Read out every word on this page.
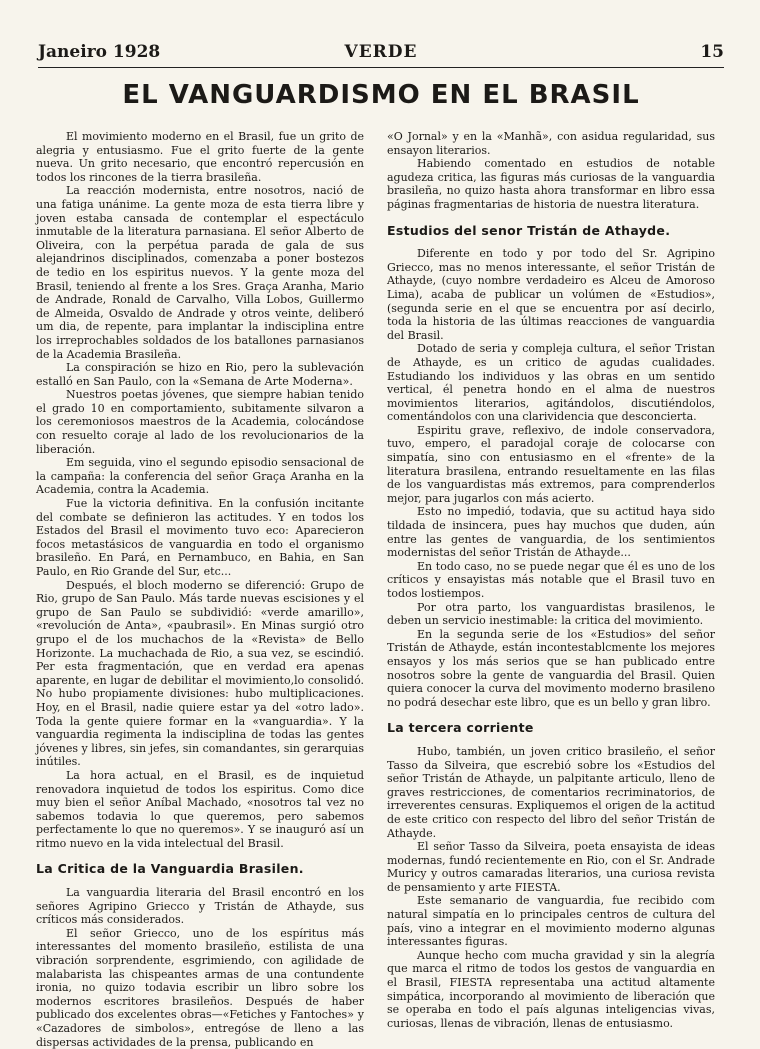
Janeiro 1928	VERDE	15
EL VANGUARDISMO EN EL BRASIL

El movimiento moderno en el Brasil, fue un grito de alegria y entusiasmo. Fue el grito fuerte de la gente nueva. Un grito necesario, que encontró repercusión en todos los rincones de la tierra brasileña.

La reacción modernista, entre nosotros, nació de una fatiga unánime. La gente moza de esta tierra libre y joven estaba cansada de contemplar el espectáculo inmutable de la literatura parnasiana. El señor Alberto de Oliveira, con la perpétua parada de gala de sus alejandrinos disciplinados, comenzaba a poner bostezos de tedio en los espiritus nuevos. Y la gente moza del Brasil, teniendo al frente a los Sres. Graça Aranha, Mario de Andrade, Ronald de Carvalho, Villa Lobos, Guillermo de Almeida, Osvaldo de Andrade y otros veinte, deliberó um dia, de repente, para implantar la indisciplina entre los irreprochables soldados de los batallones parnasianos de la Academia Brasileña.

La conspiración se hizo en Rio, pero la sublevación estalló en San Paulo, con la «Semana de Arte Moderna».

Nuestros poetas jóvenes, que siempre habian tenido el grado 10 en comportamiento, subitamente silvaron a los ceremoniosos maestros de la Academia, colocándose con resuelto coraje al lado de los revolucionarios de la liberación.

Em seguida, vino el segundo episodio sensacional de la campaña: la conferencia del señor Graça Aranha en la Academia, contra la Academia.

Fue la victoria definitiva. En la confusión incitante del combate se definieron las actitudes. Y en todos los Estados del Brasil el movimento tuvo eco: Aparecieron focos metastásicos de vanguardia en todo el organismo brasileño. En Pará, en Pernambuco, en Bahia, en San Paulo, en Rio Grande del Sur, etc...

Después, el bloch moderno se diferenció: Grupo de Rio, grupo de San Paulo. Más tarde nuevas escisiones y el grupo de San Paulo se subdividió: «verde amarillo», «revolución de Anta», «paubrasil». En Minas surgió otro grupo el de los muchachos de la «Revista» de Bello Horizonte. La muchachada de Rio, a sua vez, se escindió. Per esta fragmentación, que en verdad era apenas aparente, en lugar de debilitar el movimiento,lo consolidó. No hubo propiamente divisiones: hubo multiplicaciones. Hoy, en el Brasil, nadie quiere estar ya del «otro lado». Toda la gente quiere formar en la «vanguardia». Y la vanguardia regimenta la indisciplina de todas las gentes jóvenes y libres, sin jefes, sin comandantes, sin gerarquias inútiles.

La hora actual, en el Brasil, es de inquietud renovadora inquietud de todos los espiritus. Como dice muy bien el señor Aníbal Machado, «nosotros tal vez no sabemos todavia lo que queremos, pero sabemos perfectamente lo que no queremos». Y se inauguró así un ritmo nuevo en la vida intelectual del Brasil.

La Critica de la Vanguardia Brasilen.

La vanguardia literaria del Brasil encontró en los señores Agripino Griecco y Tristán de Athayde, sus críticos más considerados.

El señor Griecco, uno de los espíritus más interessantes del momento brasileño, estilista de una vibración sorprendente, esgrimiendo, con agilidade de malabarista las chispeantes armas de una contundente ironia, no quizo todavia escribir un libro sobre los modernos escritores brasileños. Después de haber publicado dos excelentes obras—«Fetiches y Fantoches» y «Cazadores de simbolos», entregóse de lleno a las dispersas actividades de la prensa, publicando en

«O Jornal» y en la «Manhã», con asidua regularidad, sus ensayon literarios.

Habiendo comentado en estudios de notable agudeza critica, las figuras más curiosas de la vanguardia brasileña, no quizo hasta ahora transformar en libro essa páginas fragmentarias de historia de nuestra literatura.

Estudios del senor Tristán de Athayde.

Diferente en todo y por todo del Sr. Agripino Griecco, mas no menos interessante, el señor Tristán de Athayde, (cuyo nombre verdadeiro es Alceu de Amoroso Lima), acaba de publicar un volúmen de «Estudios», (segunda serie en el que se encuentra por así decirlo, toda la historia de las últimas reacciones de vanguardia del Brasil.

Dotado de seria y compleja cultura, el señor Tristan de Athayde, es un critico de agudas cualidades. Estudiando los individuos y las obras en um sentido vertical, él penetra hondo en el alma de nuestros movimientos literarios, agitándolos, discutiéndolos, comentándolos con una clarividencia que desconcierta.

Espiritu grave, reflexivo, de indole conservadora, tuvo, empero, el paradojal coraje de colocarse con simpatía, sino con entusiasmo en el «frente» de la literatura brasilena, entrando resueltamente en las filas de los vanguardistas más extremos, para comprenderlos mejor, para jugarlos con más acierto.

Esto no impedió, todavia, que su actitud haya sido tildada de insincera, pues hay muchos que duden, aún entre las gentes de vanguardia, de los sentimientos modernistas del señor Tristán de Athayde...

En todo caso, no se puede negar que él es uno de los críticos y ensayistas más notable que el Brasil tuvo en todos lostiempos.

Por otra parto, los vanguardistas brasilenos, le deben un servicio inestimable: la critica del movimiento.

En la segunda serie de los «Estudios» del señor Tristán de Athayde, están incontestablcmente los mejores ensayos y los más serios que se han publicado entre nosotros sobre la gente de vanguardia del Brasil. Quien quiera conocer la curva del movimento moderno brasileno no podrá desechar este libro, que es un bello y gran libro.

La tercera corriente

Hubo, también, un joven critico brasileño, el señor Tasso da Silveira, que escrebió sobre los «Estudios del señor Tristán de Athayde, un palpitante articulo, lleno de graves restricciones, de comentarios recriminatorios, de irreverentes censuras. Expliquemos el origen de la actitud de este critico con respecto del libro del señor Tristán de Athayde.

El señor Tasso da Silveira, poeta ensayista de ideas modernas, fundó recientemente en Rio, con el Sr. Andrade Muricy y outros camaradas literarios, una curiosa revista de pensamiento y arte FIESTA.

Este semanario de vanguardia, fue recibido com natural simpatía en lo principales centros de cultura del país, vino a integrar en el movimiento moderno algunas interessantes figuras.

Aunque hecho com mucha gravidad y sin la alegría que marca el ritmo de todos los gestos de vanguardia en el Brasil, FIESTA representaba una actitud altamente simpática, incorporando al movimiento de liberación que se operaba en todo el país algunas inteligencias vivas, curiosas, llenas de vibración, llenas de entusiasmo.
